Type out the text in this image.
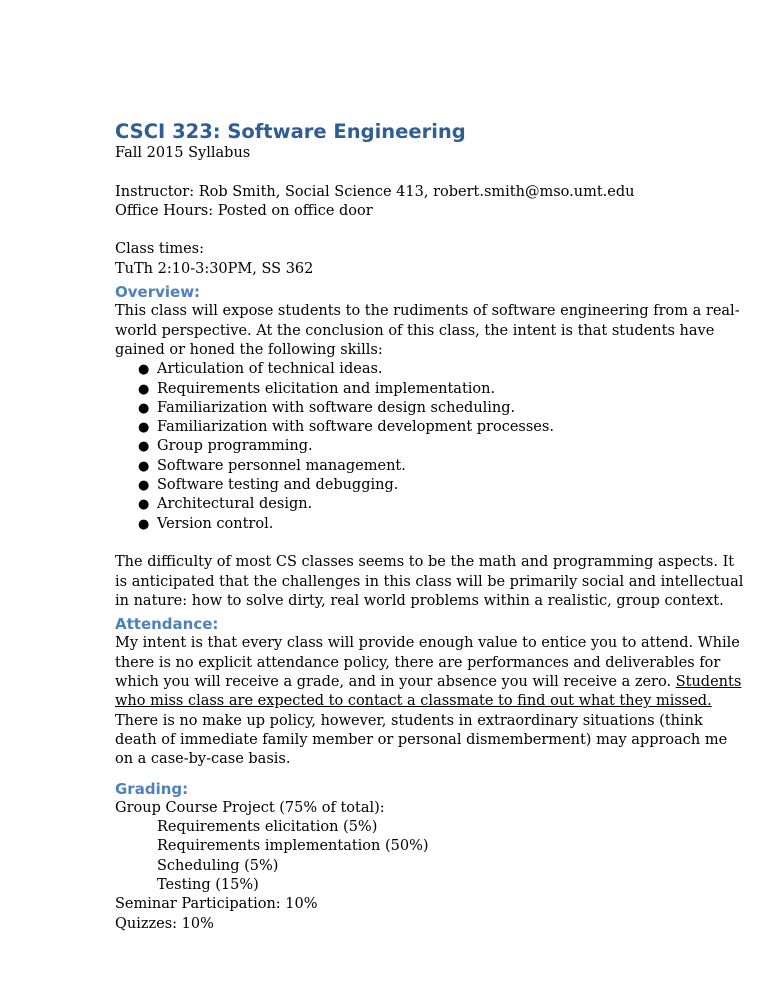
CSCI 323: Software Engineering

Fall 2015 Syllabus

Instructor: Rob Smith, Social Science 413, robert.smith@mso.umt.edu

Office Hours: Posted on office door

Class times:

TuTh 2:10-3:30PM, SS 362

Overview:

This class will expose students to the rudiments of software engineering from a real-

world perspective. At the conclusion of this class, the intent is that students have

gained or honed the following skills:

● Articulation of technical ideas.
● Requirements elicitation and implementation.
● Familiarization with software design scheduling.
● Familiarization with software development processes.
● Group programming.
● Software personnel management.
● Software testing and debugging.
● Architectural design.
● Version control.

The difficulty of most CS classes seems to be the math and programming aspects. It

is anticipated that the challenges in this class will be primarily social and intellectual

in nature: how to solve dirty, real world problems within a realistic, group context.

Attendance:

My intent is that every class will provide enough value to entice you to attend. While

there is no explicit attendance policy, there are performances and deliverables for

which you will receive a grade, and in your absence you will receive a zero. Students

who miss class are expected to contact a classmate to find out what they missed.

There is no make up policy, however, students in extraordinary situations (think

death of immediate family member or personal dismemberment) may approach me

on a case-by-case basis.

Grading:

Group Course Project (75% of total):

Requirements elicitation (5%)

Requirements implementation (50%)

Scheduling (5%)

Testing (15%)

Seminar Participation: 10%

Quizzes: 10%
